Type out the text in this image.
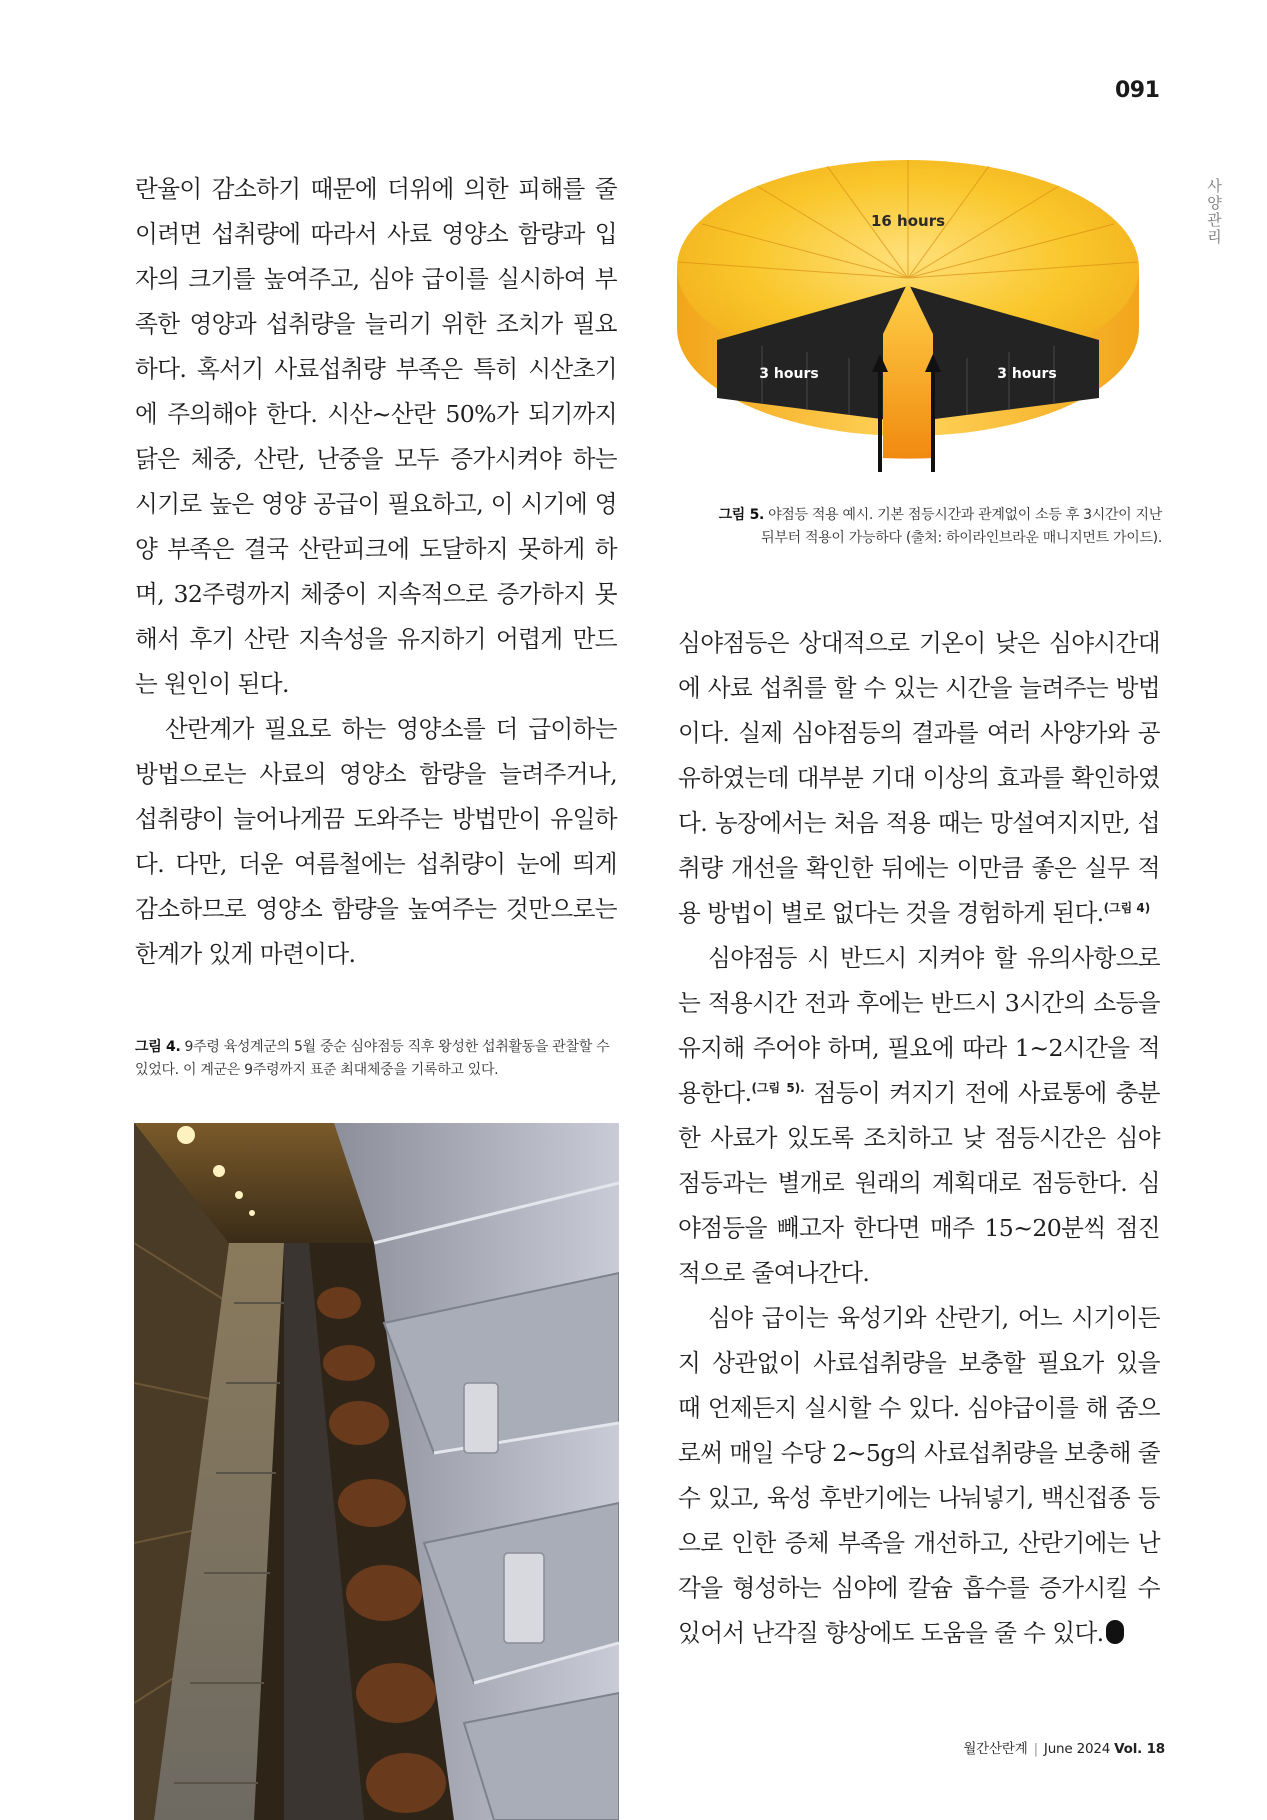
091
사양관리

란율이 감소하기 때문에 더위에 의한 피해를 줄이려면 섭취량에 따라서 사료 영양소 함량과 입자의 크기를 높여주고, 심야 급이를 실시하여 부족한 영양과 섭취량을 늘리기 위한 조치가 필요하다. 혹서기 사료섭취량 부족은 특히 시산초기에 주의해야 한다. 시산~산란 50%가 되기까지 닭은 체중, 산란, 난중을 모두 증가시켜야 하는 시기로 높은 영양 공급이 필요하고, 이 시기에 영양 부족은 결국 산란피크에 도달하지 못하게 하며, 32주령까지 체중이 지속적으로 증가하지 못해서 후기 산란 지속성을 유지하기 어렵게 만드는 원인이 된다.

산란계가 필요로 하는 영양소를 더 급이하는 방법으로는 사료의 영양소 함량을 늘려주거나, 섭취량이 늘어나게끔 도와주는 방법만이 유일하다. 다만, 더운 여름철에는 섭취량이 눈에 띄게 감소하므로 영양소 함량을 높여주는 것만으로는 한계가 있게 마련이다.

16 hours
3 hours	3 hours
그림 5. 야점등 적용 예시. 기본 점등시간과 관계없이 소등 후 3시간이 지난
뒤부터 적용이 가능하다 (출처: 하이라인브라운 매니지먼트 가이드).

심야점등은 상대적으로 기온이 낮은 심야시간대에 사료 섭취를 할 수 있는 시간을 늘려주는 방법이다. 실제 심야점등의 결과를 여러 사양가와 공유하였는데 대부분 기대 이상의 효과를 확인하였다. 농장에서는 처음 적용 때는 망설여지지만, 섭취량 개선을 확인한 뒤에는 이만큼 좋은 실무 적용 방법이 별로 없다는 것을 경험하게 된다.$^{(그림 4)}$

심야점등 시 반드시 지켜야 할 유의사항으로는 적용시간 전과 후에는 반드시 3시간의 소등을 유지해 주어야 하며, 필요에 따라 1~2시간을 적용한다.$^{(그림 5).}$ 점등이 켜지기 전에 사료통에 충분한 사료가 있도록 조치하고 낮 점등시간은 심야점등과는 별개로 원래의 계획대로 점등한다. 심야점등을 빼고자 한다면 매주 15~20분씩 점진적으로 줄여나간다.

심야 급이는 육성기와 산란기, 어느 시기이든지 상관없이 사료섭취량을 보충할 필요가 있을 때 언제든지 실시할 수 있다. 심야급이를 해 줌으로써 매일 수당 2~5g의 사료섭취량을 보충해 줄 수 있고, 육성 후반기에는 나눠넣기, 백신접종 등으로 인한 증체 부족을 개선하고, 산란기에는 난각을 형성하는 심야에 칼슘 흡수를 증가시킬 수 있어서 난각질 향상에도 도움을 줄 수 있다.

그림 4. 9주령 육성계군의 5월 중순 심야점등 직후 왕성한 섭취활동을 관찰할 수 있었다. 이 계군은 9주령까지 표준 최대체중을 기록하고 있다.
월간산란계 | June 2024 Vol. 18
